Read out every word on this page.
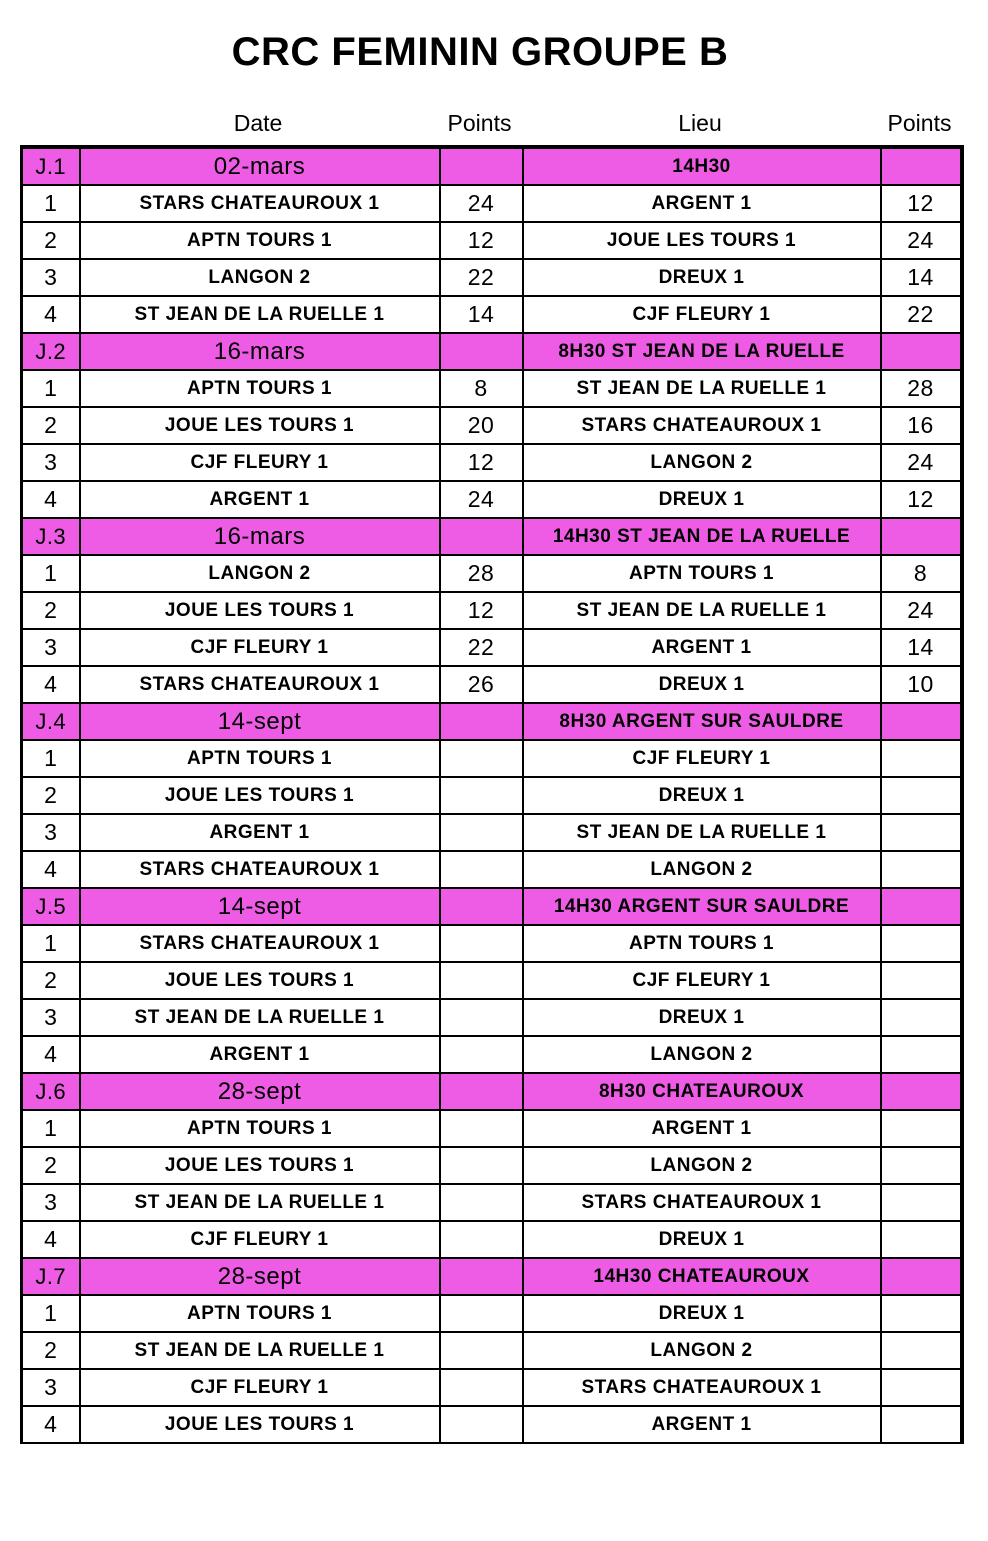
CRC FEMININ GROUPE B
Date	Points	Lieu	Points
J.1	02-mars		14H30	
1	STARS CHATEAUROUX 1	24	ARGENT 1	12
2	APTN TOURS 1	12	JOUE LES TOURS 1	24
3	LANGON 2	22	DREUX 1	14
4	ST JEAN DE LA RUELLE 1	14	CJF FLEURY 1	22
J.2	16-mars		8H30 ST JEAN DE LA RUELLE	
1	APTN TOURS 1	8	ST JEAN DE LA RUELLE 1	28
2	JOUE LES TOURS 1	20	STARS CHATEAUROUX 1	16
3	CJF FLEURY 1	12	LANGON 2	24
4	ARGENT 1	24	DREUX 1	12
J.3	16-mars		14H30 ST JEAN DE LA RUELLE	
1	LANGON 2	28	APTN TOURS 1	8
2	JOUE LES TOURS 1	12	ST JEAN DE LA RUELLE 1	24
3	CJF FLEURY 1	22	ARGENT 1	14
4	STARS CHATEAUROUX 1	26	DREUX 1	10
J.4	14-sept		8H30 ARGENT SUR SAULDRE	
1	APTN TOURS 1		CJF FLEURY 1	
2	JOUE LES TOURS 1		DREUX 1	
3	ARGENT 1		ST JEAN DE LA RUELLE 1	
4	STARS CHATEAUROUX 1		LANGON 2	
J.5	14-sept		14H30 ARGENT SUR SAULDRE	
1	STARS CHATEAUROUX 1		APTN TOURS 1	
2	JOUE LES TOURS 1		CJF FLEURY 1	
3	ST JEAN DE LA RUELLE 1		DREUX 1	
4	ARGENT 1		LANGON 2	
J.6	28-sept		8H30 CHATEAUROUX	
1	APTN TOURS 1		ARGENT 1	
2	JOUE LES TOURS 1		LANGON 2	
3	ST JEAN DE LA RUELLE 1		STARS CHATEAUROUX 1	
4	CJF FLEURY 1		DREUX 1	
J.7	28-sept		14H30 CHATEAUROUX	
1	APTN TOURS 1		DREUX 1	
2	ST JEAN DE LA RUELLE 1		LANGON 2	
3	CJF FLEURY 1		STARS CHATEAUROUX 1	
4	JOUE LES TOURS 1		ARGENT 1	
